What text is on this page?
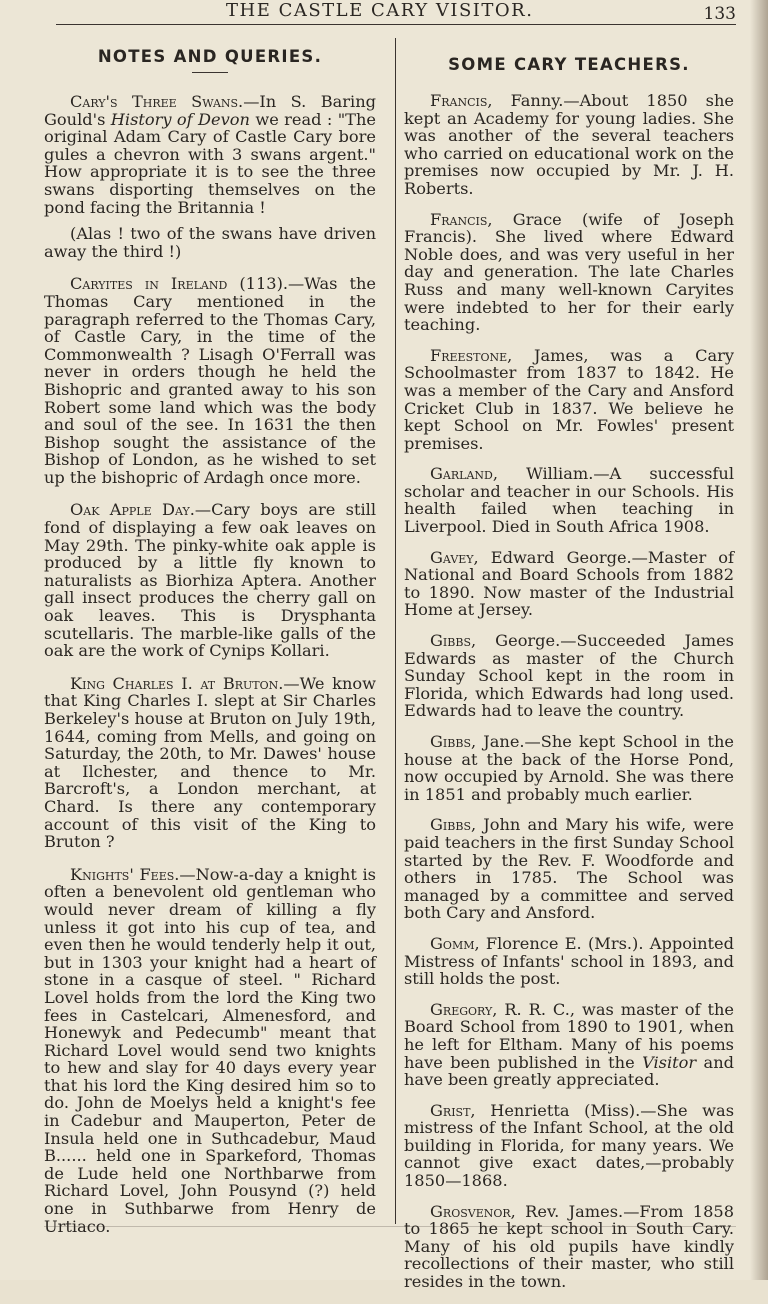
THE CASTLE CARY VISITOR.	133
NOTES AND QUERIES.

Cary's Three Swans.—In S. Baring Gould's History of Devon we read : "The original Adam Cary of Castle Cary bore gules a chevron with 3 swans argent." How appropriate it is to see the three swans disporting themselves on the pond facing the Britannia !

(Alas ! two of the swans have driven away the third !)

Caryites in Ireland (113).—Was the Thomas Cary mentioned in the paragraph referred to the Thomas Cary, of Castle Cary, in the time of the Commonwealth ? Lisagh O'Ferrall was never in orders though he held the Bishopric and granted away to his son Robert some land which was the body and soul of the see. In 1631 the then Bishop sought the assistance of the Bishop of London, as he wished to set up the bishopric of Ardagh once more.

Oak Apple Day.—Cary boys are still fond of displaying a few oak leaves on May 29th. The pinky-white oak apple is produced by a little fly known to naturalists as Biorhiza Aptera. Another gall insect produces the cherry gall on oak leaves. This is Drysphanta scutellaris. The marble-like galls of the oak are the work of Cynips Kollari.

King Charles I. at Bruton.—We know that King Charles I. slept at Sir Charles Berkeley's house at Bruton on July 19th, 1644, coming from Mells, and going on Saturday, the 20th, to Mr. Dawes' house at Ilchester, and thence to Mr. Barcroft's, a London merchant, at Chard. Is there any contemporary account of this visit of the King to Bruton ?

Knights' Fees.—Now-a-day a knight is often a benevolent old gentleman who would never dream of killing a fly unless it got into his cup of tea, and even then he would tenderly help it out, but in 1303 your knight had a heart of stone in a casque of steel. " Richard Lovel holds from the lord the King two fees in Castelcari, Almenesford, and Honewyk and Pedecumb" meant that Richard Lovel would send two knights to hew and slay for 40 days every year that his lord the King desired him so to do. John de Moelys held a knight's fee in Cadebur and Mauperton, Peter de Insula held one in Suthcadebur, Maud B...... held one in Sparkeford, Thomas de Lude held one Northbarwe from Richard Lovel, John Pousynd (?) held one in Suthbarwe from Henry de Urtiaco.

SOME CARY TEACHERS.

Francis, Fanny.—About 1850 she kept an Academy for young ladies. She was another of the several teachers who carried on educational work on the premises now occupied by Mr. J. H. Roberts.

Francis, Grace (wife of Joseph Francis). She lived where Edward Noble does, and was very useful in her day and generation. The late Charles Russ and many well-known Caryites were indebted to her for their early teaching.

Freestone, James, was a Cary Schoolmaster from 1837 to 1842. He was a member of the Cary and Ansford Cricket Club in 1837. We believe he kept School on Mr. Fowles' present premises.

Garland, William.—A successful scholar and teacher in our Schools. His health failed when teaching in Liverpool. Died in South Africa 1908.

Gavey, Edward George.—Master of National and Board Schools from 1882 to 1890. Now master of the Industrial Home at Jersey.

Gibbs, George.—Succeeded James Edwards as master of the Church Sunday School kept in the room in Florida, which Edwards had long used. Edwards had to leave the country.

Gibbs, Jane.—She kept School in the house at the back of the Horse Pond, now occupied by Arnold. She was there in 1851 and probably much earlier.

Gibbs, John and Mary his wife, were paid teachers in the first Sunday School started by the Rev. F. Woodforde and others in 1785. The School was managed by a committee and served both Cary and Ansford.

Gomm, Florence E. (Mrs.). Appointed Mistress of Infants' school in 1893, and still holds the post.

Gregory, R. R. C., was master of the Board School from 1890 to 1901, when he left for Eltham. Many of his poems have been published in the Visitor and have been greatly appreciated.

Grist, Henrietta (Miss).—She was mistress of the Infant School, at the old building in Florida, for many years. We cannot give exact dates,—probably 1850—1868.

Grosvenor, Rev. James.—From 1858 to 1865 he kept school in South Cary. Many of his old pupils have kindly recollections of their master, who still resides in the town.
